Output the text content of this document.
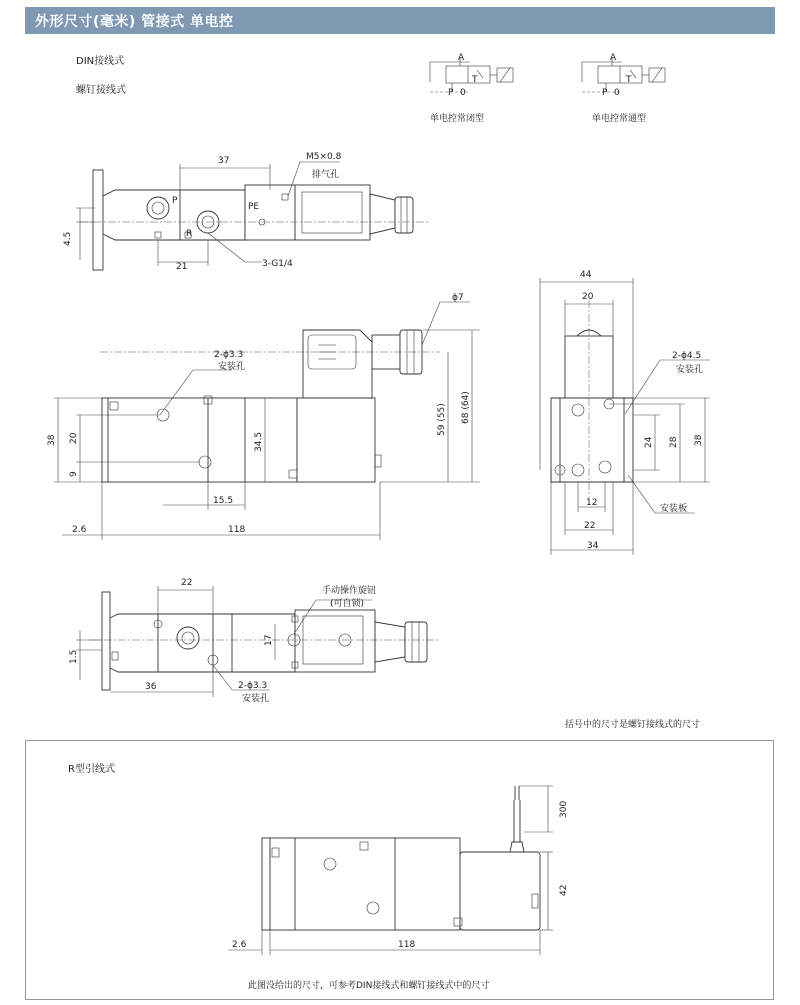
外形尺寸(毫米) 管接式 单电控
DIN接线式
螺钉接线式
R型引线式
A
P 0
T
单电控常闭型
A
P 0
T
单电控常通型
37	M5×0.8
排气孔
P
PE
R
4.5
21	3-G1/4
2-ϕ3.3
安装孔
ϕ7
38 20
9
34.5
15.5
59 (55) 68 (64)
2.6	118
44
20
2-ϕ4.5
安装孔
24 28 38
12
22
34
安装板
22
手动操作旋钮
(可自锁)
17
1.5
36	2-ϕ3.3
安装孔
括号中的尺寸是螺钉接线式的尺寸
300
42
2.6	118
此图没给出的尺寸，可参考DIN接线式和螺钉接线式中的尺寸
